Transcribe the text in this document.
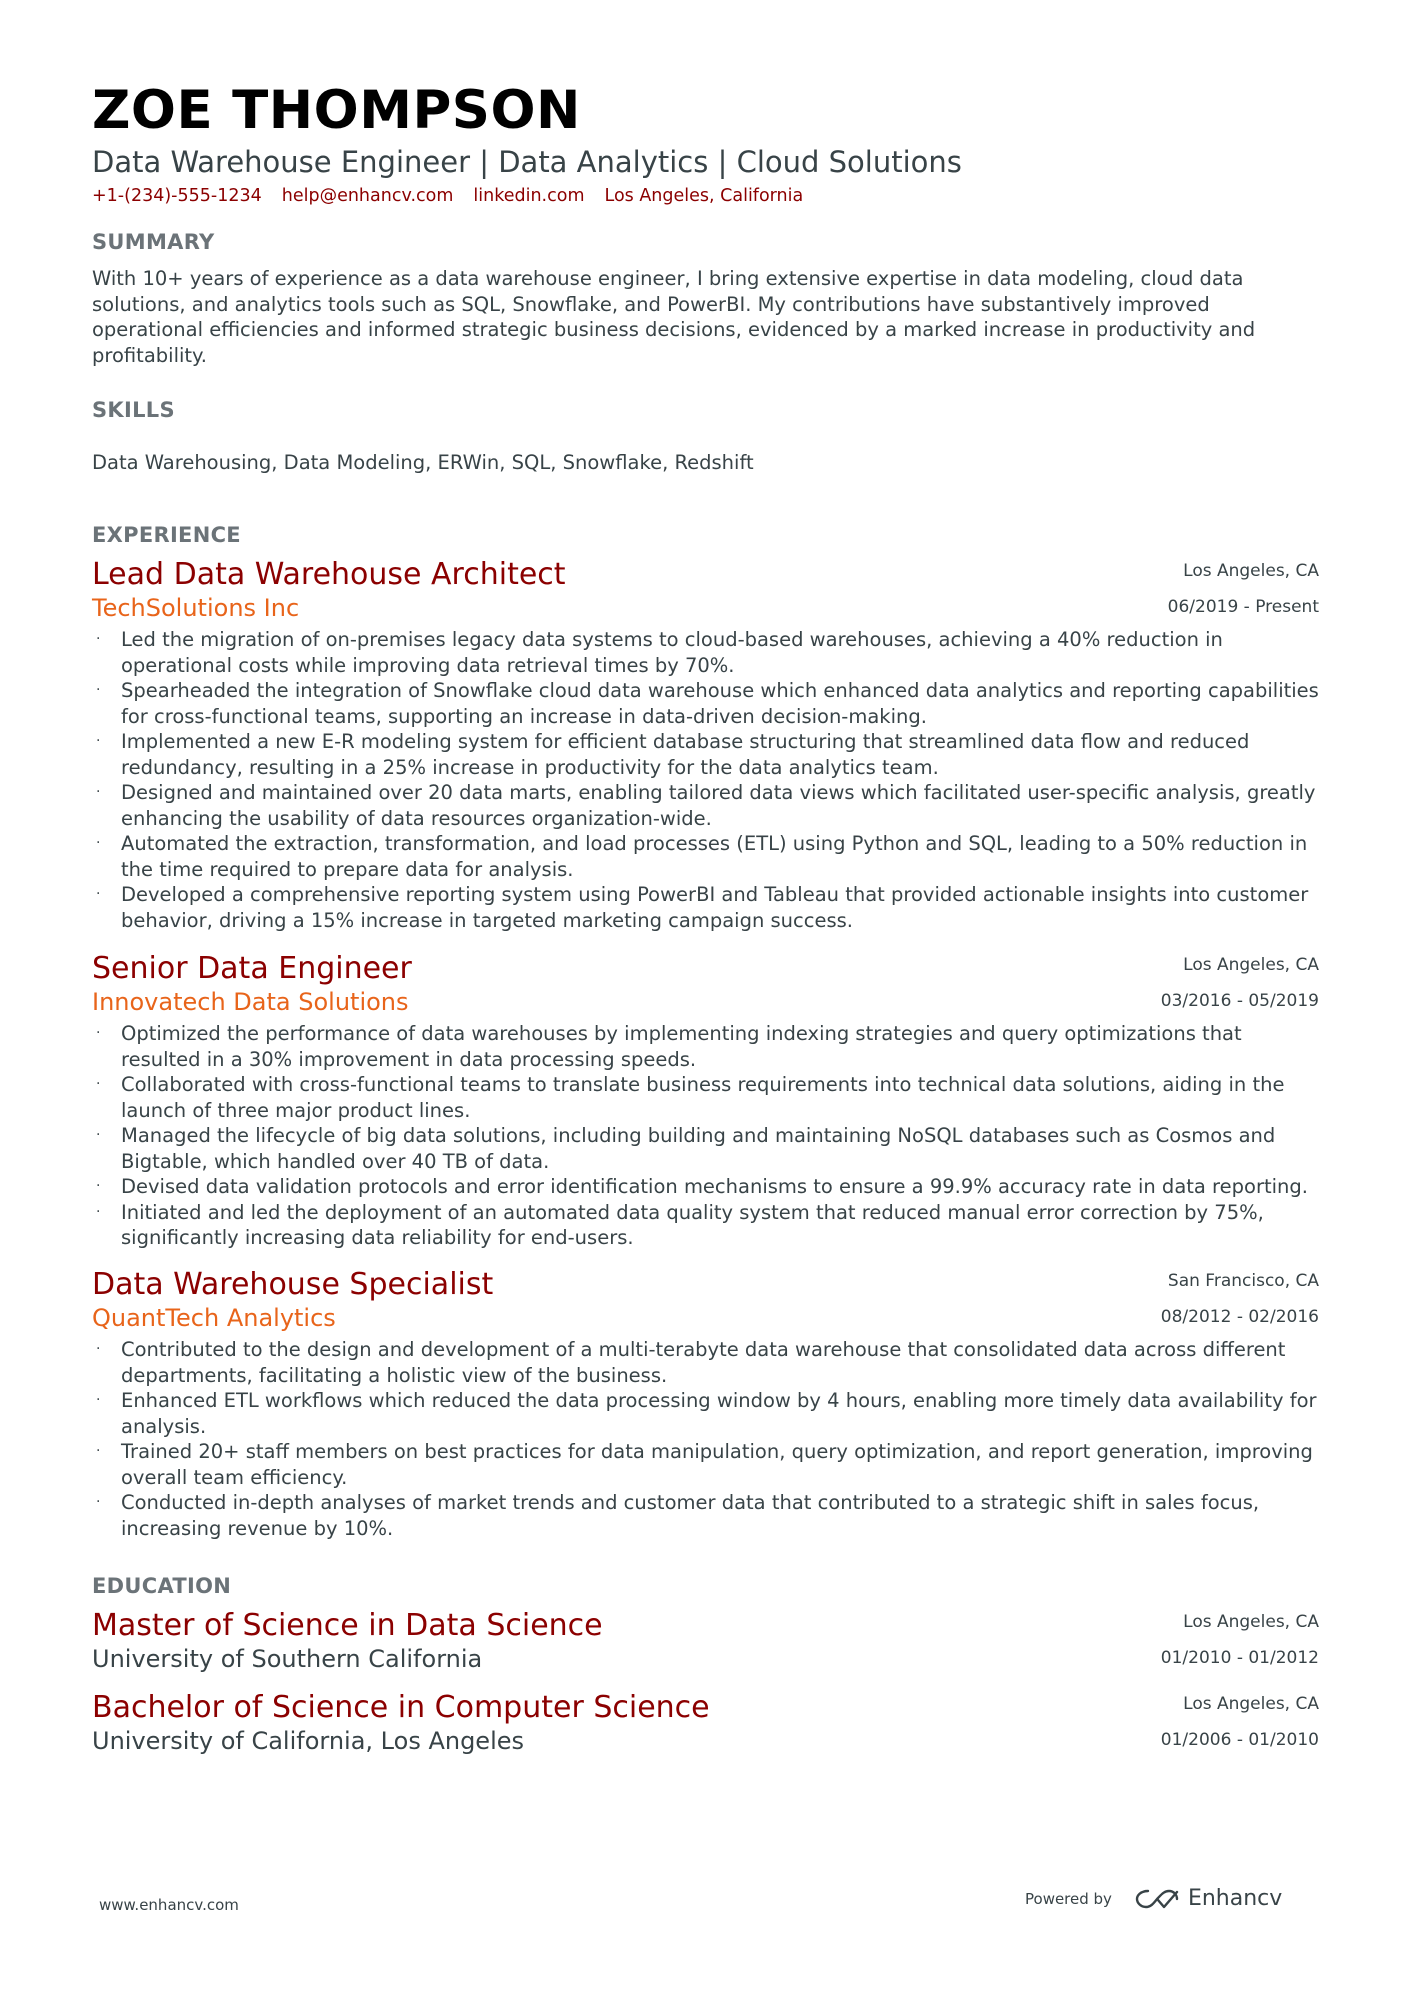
ZOE THOMPSON
Data Warehouse Engineer | Data Analytics | Cloud Solutions
+1-(234)-555-1234 help@enhancv.com linkedin.com Los Angeles, California
SUMMARY
With 10+ years of experience as a data warehouse engineer, I bring extensive expertise in data modeling, cloud data solutions, and analytics tools such as SQL, Snowflake, and PowerBI. My contributions have substantively improved operational efficiencies and informed strategic business decisions, evidenced by a marked increase in productivity and profitability.
SKILLS
Data Warehousing, Data Modeling, ERWin, SQL, Snowflake, Redshift
EXPERIENCE
Lead Data Warehouse Architect
TechSolutions Inc
Los Angeles, CA
06/2019 - Present
· Led the migration of on-premises legacy data systems to cloud-based warehouses, achieving a 40% reduction in operational costs while improving data retrieval times by 70%.
· Spearheaded the integration of Snowflake cloud data warehouse which enhanced data analytics and reporting capabilities for cross-functional teams, supporting an increase in data-driven decision-making.
· Implemented a new E-R modeling system for efficient database structuring that streamlined data flow and reduced redundancy, resulting in a 25% increase in productivity for the data analytics team.
· Designed and maintained over 20 data marts, enabling tailored data views which facilitated user-specific analysis, greatly enhancing the usability of data resources organization-wide.
· Automated the extraction, transformation, and load processes (ETL) using Python and SQL, leading to a 50% reduction in the time required to prepare data for analysis.
· Developed a comprehensive reporting system using PowerBI and Tableau that provided actionable insights into customer behavior, driving a 15% increase in targeted marketing campaign success.
Senior Data Engineer
Innovatech Data Solutions
Los Angeles, CA
03/2016 - 05/2019
· Optimized the performance of data warehouses by implementing indexing strategies and query optimizations that resulted in a 30% improvement in data processing speeds.
· Collaborated with cross-functional teams to translate business requirements into technical data solutions, aiding in the launch of three major product lines.
· Managed the lifecycle of big data solutions, including building and maintaining NoSQL databases such as Cosmos and Bigtable, which handled over 40 TB of data.
· Devised data validation protocols and error identification mechanisms to ensure a 99.9% accuracy rate in data reporting.
· Initiated and led the deployment of an automated data quality system that reduced manual error correction by 75%, significantly increasing data reliability for end-users.
Data Warehouse Specialist
QuantTech Analytics
San Francisco, CA
08/2012 - 02/2016
· Contributed to the design and development of a multi-terabyte data warehouse that consolidated data across different departments, facilitating a holistic view of the business.
· Enhanced ETL workflows which reduced the data processing window by 4 hours, enabling more timely data availability for analysis.
· Trained 20+ staff members on best practices for data manipulation, query optimization, and report generation, improving overall team efficiency.
· Conducted in-depth analyses of market trends and customer data that contributed to a strategic shift in sales focus, increasing revenue by 10%.
EDUCATION
Master of Science in Data Science
University of Southern California
Los Angeles, CA
01/2010 - 01/2012
Bachelor of Science in Computer Science
University of California, Los Angeles
Los Angeles, CA
01/2006 - 01/2010
www.enhancv.com	Powered by	Enhancv
